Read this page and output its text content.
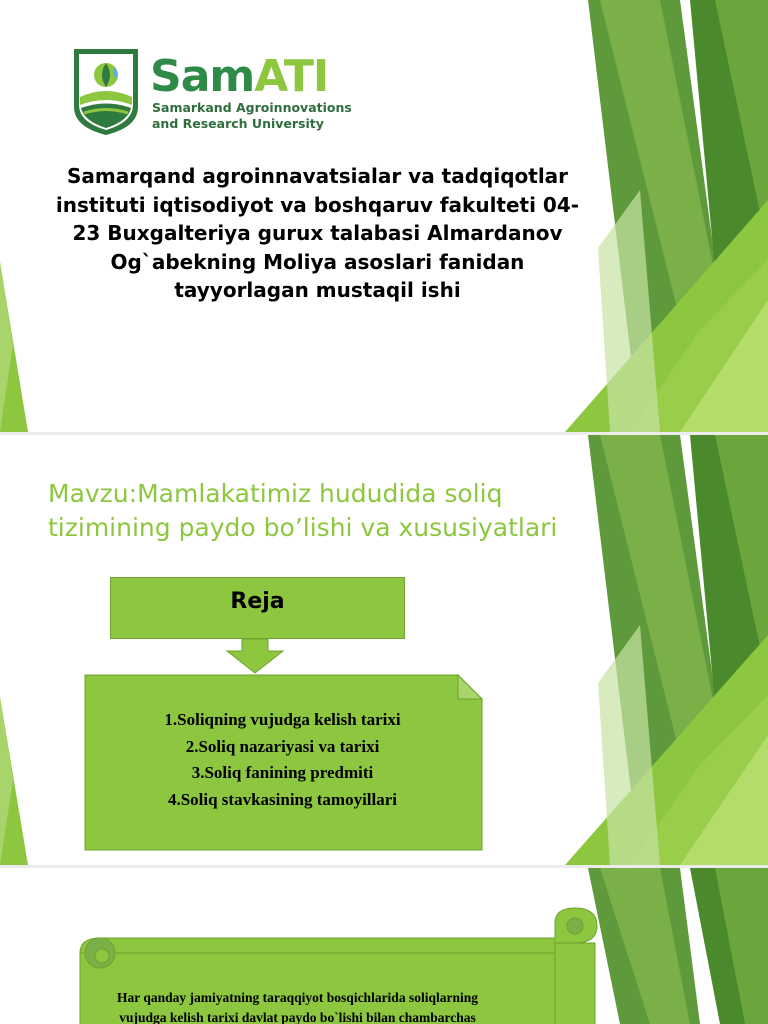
SamATI
Samarkand Agroinnovations
and Research University
Samarqand agroinnavatsialar va tadqiqotlar instituti iqtisodiyot va boshqaruv fakulteti 04-23 Buxgalteriya gurux talabasi Almardanov Og`abekning Moliya asoslari fanidan tayyorlagan mustaqil ishi
Mavzu:Mamlakatimiz hududida soliq tizimining paydo bo’lishi va xususiyatlari
Reja
1.Soliqning vujudga kelish tarixi
2.Soliq nazariyasi va tarixi
3.Soliq fanining predmiti
4.Soliq stavkasining tamoyillari
Har qanday jamiyatning taraqqiyot bosqichlarida soliqlarning vujudga kelish tarixi davlat paydo bo`lishi bilan chambarchas
